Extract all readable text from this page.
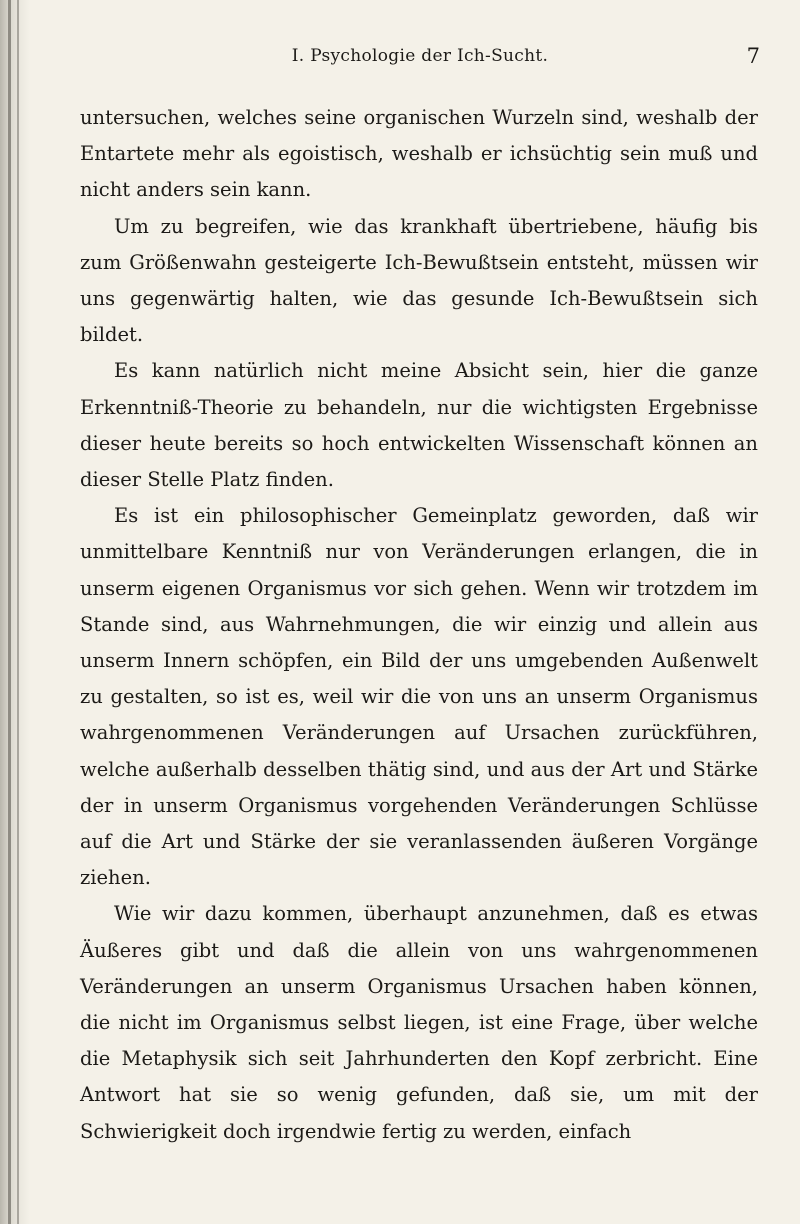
I. Psychologie der Ich-Sucht.	7

untersuchen, welches seine organischen Wurzeln sind, weshalb der Entartete mehr als egoistisch, weshalb er ichsüchtig sein muß und nicht anders sein kann.

Um zu begreifen, wie das krankhaft übertriebene, häufig bis zum Größenwahn gesteigerte Ich-Bewußtsein entsteht, müssen wir uns gegenwärtig halten, wie das gesunde Ich-Bewußtsein sich bildet.

Es kann natürlich nicht meine Absicht sein, hier die ganze Erkenntniß-Theorie zu behandeln, nur die wichtigsten Ergebnisse dieser heute bereits so hoch entwickelten Wissenschaft können an dieser Stelle Platz finden.

Es ist ein philosophischer Gemeinplatz geworden, daß wir unmittelbare Kenntniß nur von Veränderungen erlangen, die in unserm eigenen Organismus vor sich gehen. Wenn wir trotzdem im Stande sind, aus Wahrnehmungen, die wir einzig und allein aus unserm Innern schöpfen, ein Bild der uns umgebenden Außenwelt zu gestalten, so ist es, weil wir die von uns an unserm Organismus wahrgenommenen Veränderungen auf Ursachen zurückführen, welche außerhalb desselben thätig sind, und aus der Art und Stärke der in unserm Organismus vorgehenden Veränderungen Schlüsse auf die Art und Stärke der sie veranlassenden äußeren Vorgänge ziehen.

Wie wir dazu kommen, überhaupt anzunehmen, daß es etwas Äußeres gibt und daß die allein von uns wahrgenommenen Veränderungen an unserm Organismus Ursachen haben können, die nicht im Organismus selbst liegen, ist eine Frage, über welche die Metaphysik sich seit Jahrhunderten den Kopf zerbricht. Eine Antwort hat sie so wenig gefunden, daß sie, um mit der Schwierigkeit doch irgendwie fertig zu werden, einfach
